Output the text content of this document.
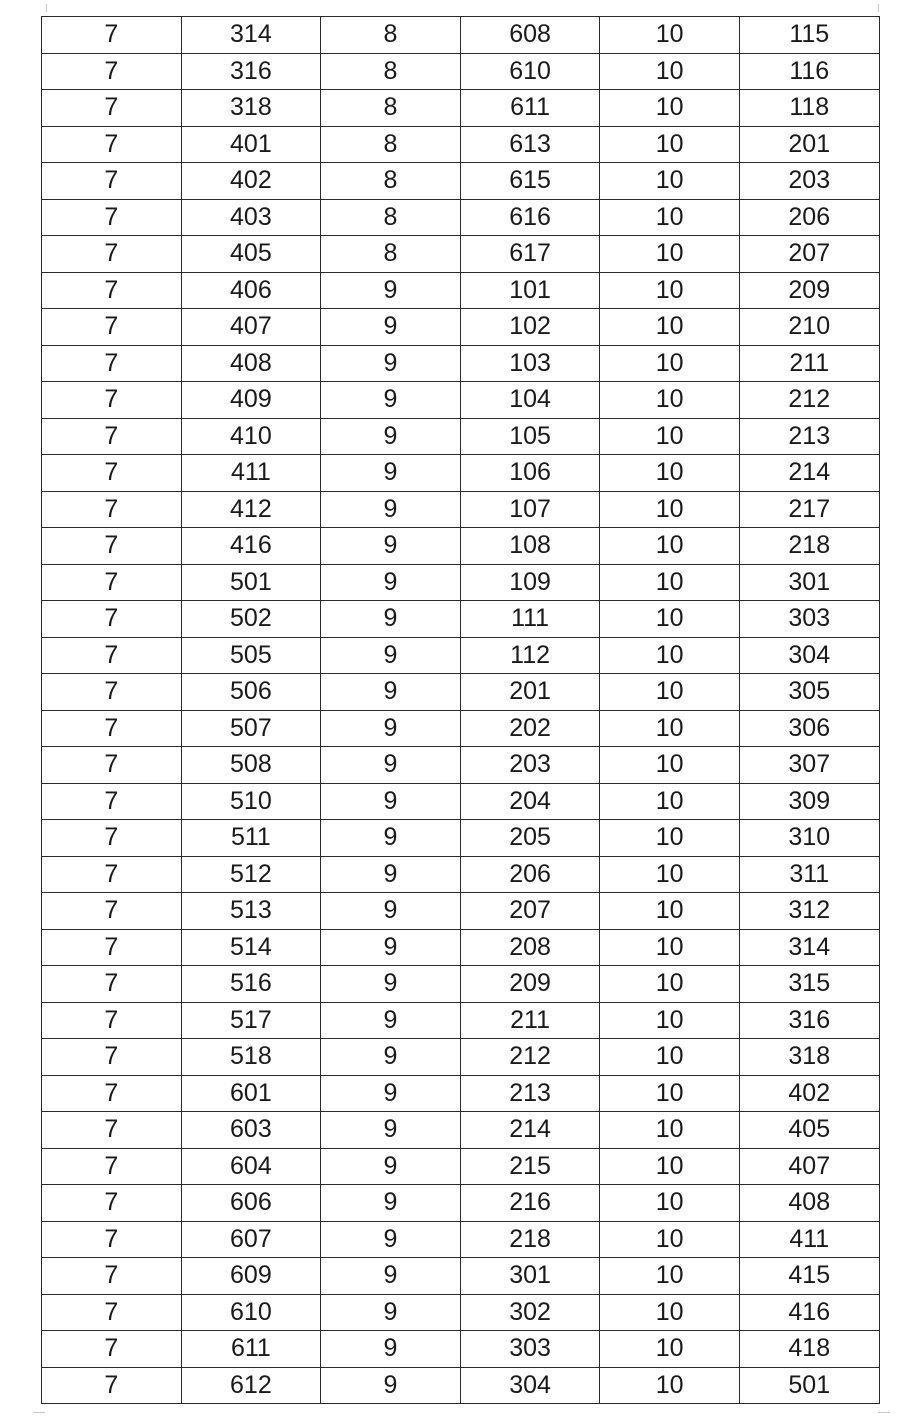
7	314	8	608	10	115
7	316	8	610	10	116
7	318	8	611	10	118
7	401	8	613	10	201
7	402	8	615	10	203
7	403	8	616	10	206
7	405	8	617	10	207
7	406	9	101	10	209
7	407	9	102	10	210
7	408	9	103	10	211
7	409	9	104	10	212
7	410	9	105	10	213
7	411	9	106	10	214
7	412	9	107	10	217
7	416	9	108	10	218
7	501	9	109	10	301
7	502	9	111	10	303
7	505	9	112	10	304
7	506	9	201	10	305
7	507	9	202	10	306
7	508	9	203	10	307
7	510	9	204	10	309
7	511	9	205	10	310
7	512	9	206	10	311
7	513	9	207	10	312
7	514	9	208	10	314
7	516	9	209	10	315
7	517	9	211	10	316
7	518	9	212	10	318
7	601	9	213	10	402
7	603	9	214	10	405
7	604	9	215	10	407
7	606	9	216	10	408
7	607	9	218	10	411
7	609	9	301	10	415
7	610	9	302	10	416
7	611	9	303	10	418
7	612	9	304	10	501
